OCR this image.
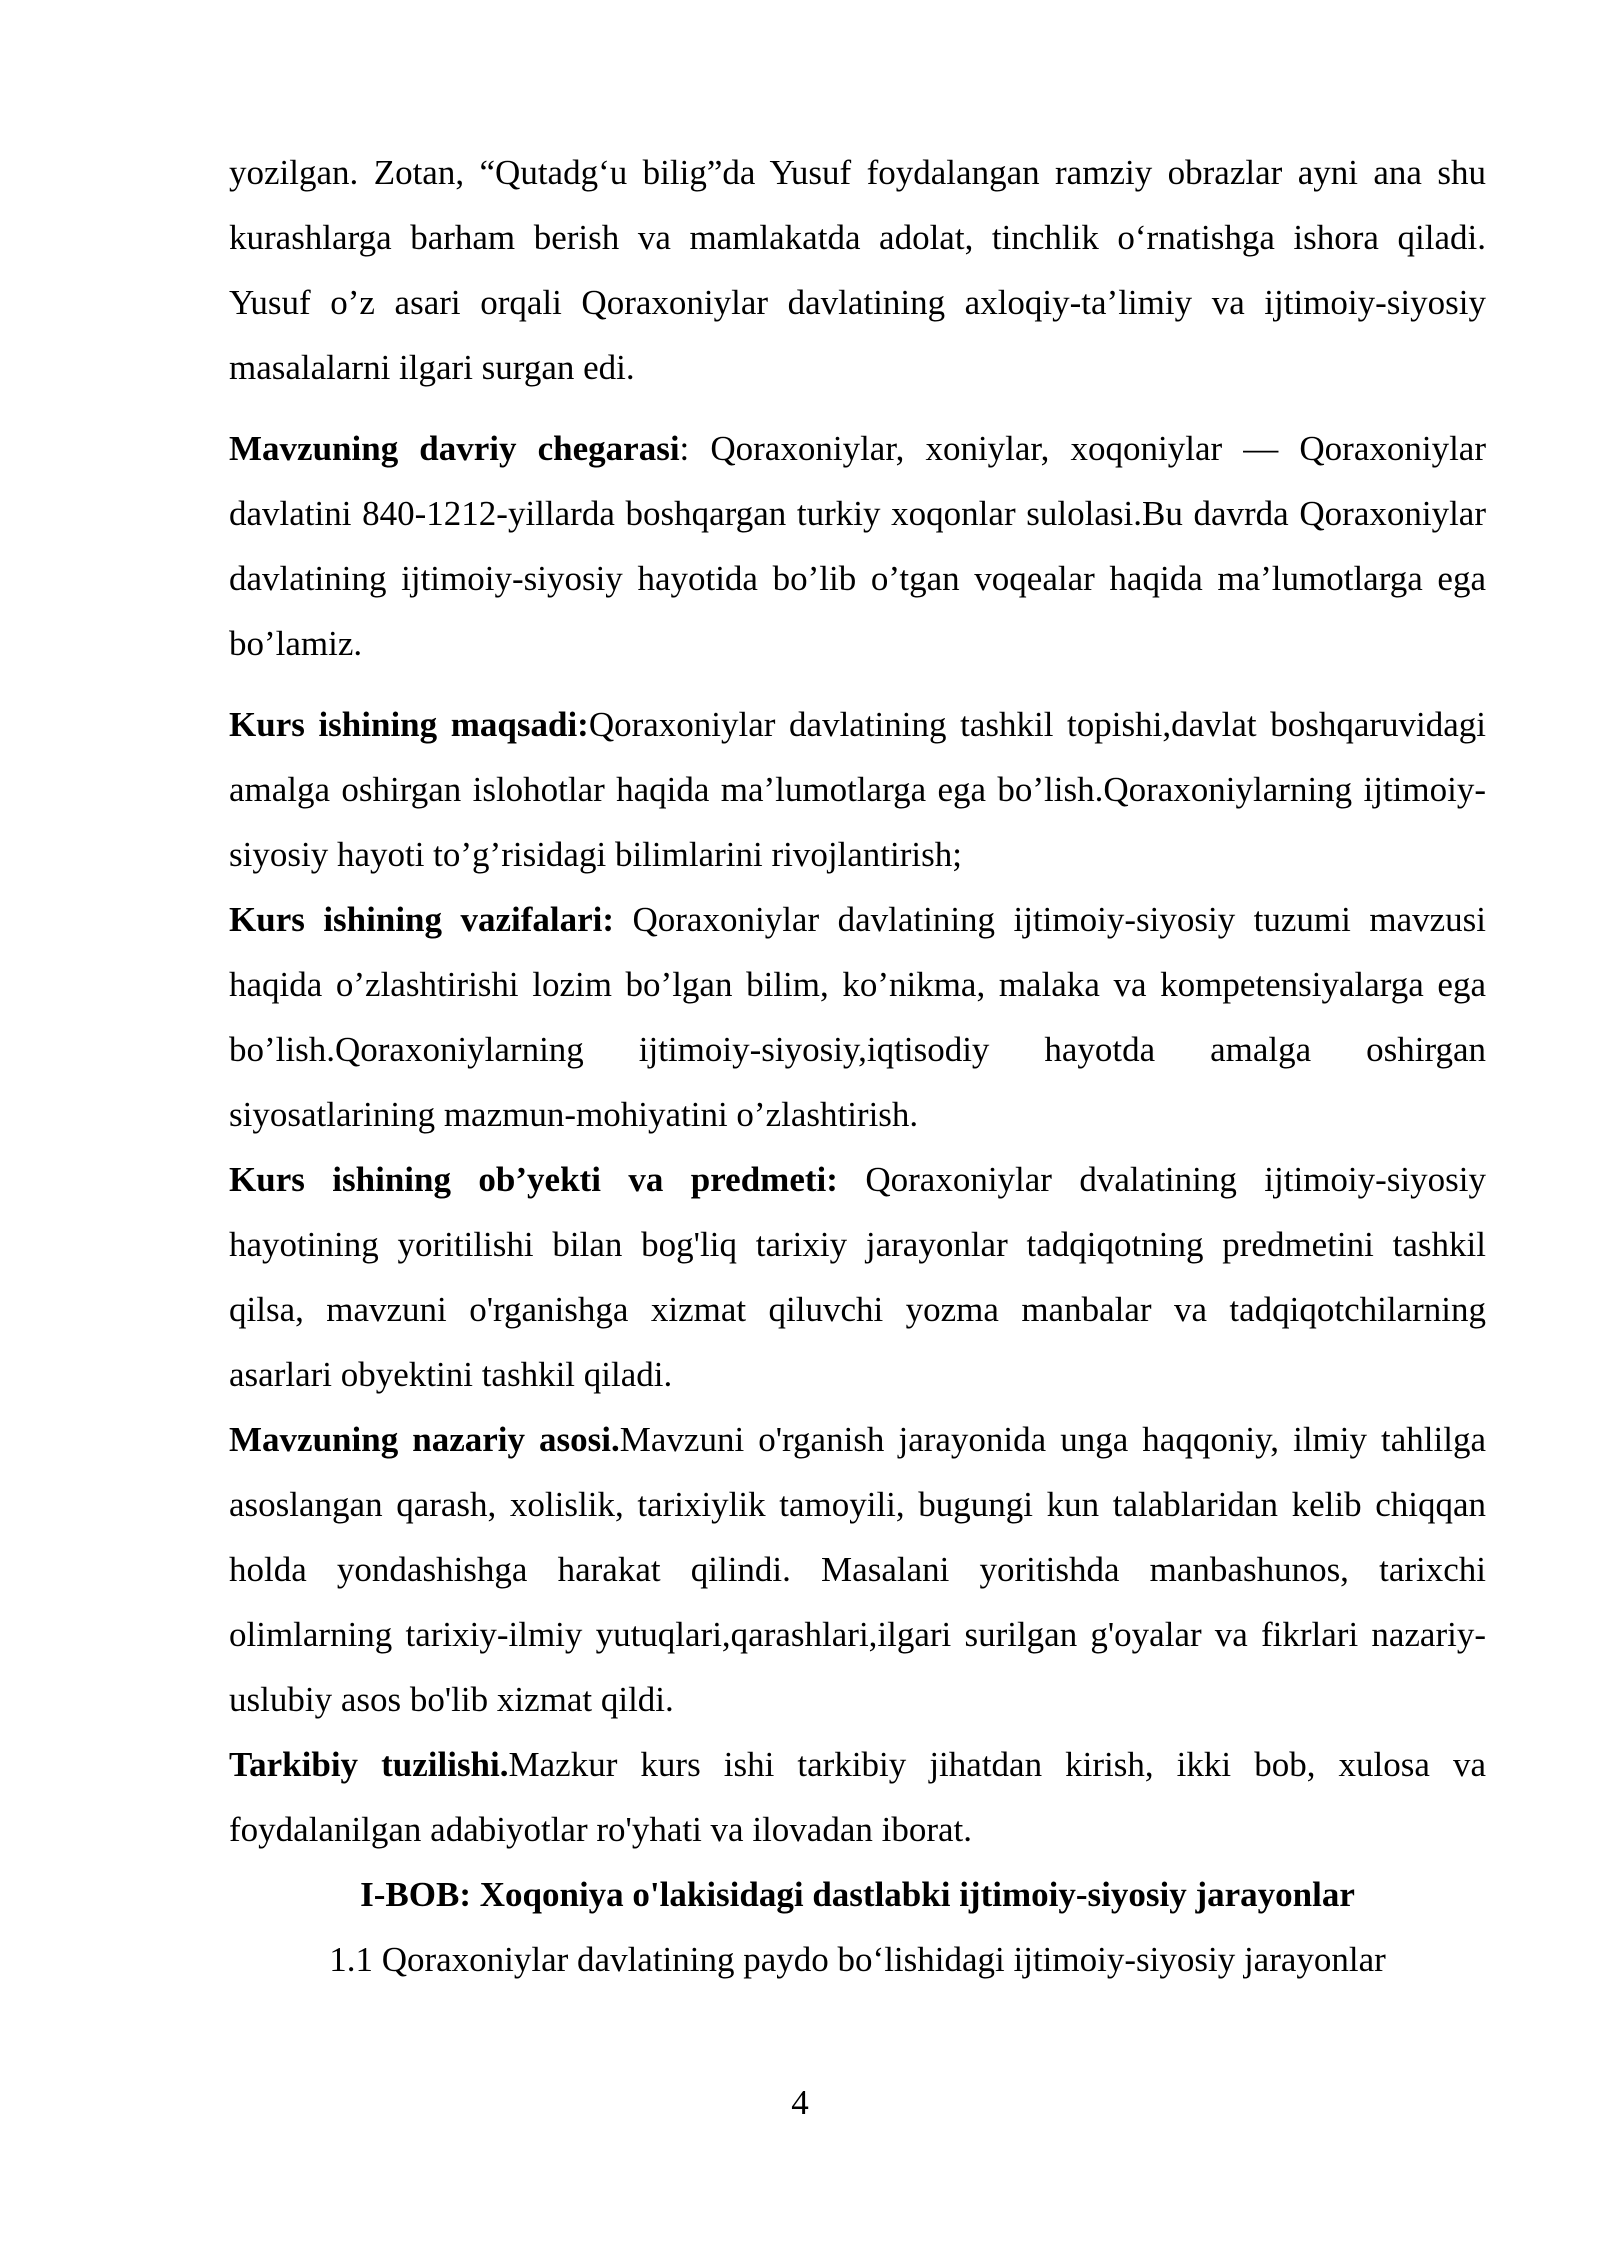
yozilgan. Zotan, “Qutadg‘u bilig”da Yusuf foydalangan ramziy obrazlar ayni ana shu kurashlarga barham berish va mamlakatda adolat, tinchlik o‘rnatishga ishora qiladi. Yusuf o’z asari orqali Qoraxoniylar davlatining axloqiy-ta’limiy va ijtimoiy-siyosiy masalalarni ilgari surgan edi.

Mavzuning davriy chegarasi: Qoraxoniylar, xoniylar, xoqoniylar — Qoraxoniylar davlatini 840-1212-yillarda boshqargan turkiy xoqonlar sulolasi.Bu davrda Qoraxoniylar davlatining ijtimoiy-siyosiy hayotida bo’lib o’tgan voqealar haqida ma’lumotlarga ega bo’lamiz.

Kurs ishining maqsadi:Qoraxoniylar davlatining tashkil topishi,davlat boshqaruvidagi amalga oshirgan islohotlar haqida ma’lumotlarga ega bo’lish.Qoraxoniylarning ijtimoiy-siyosiy hayoti to’g’risidagi bilimlarini rivojlantirish;

Kurs ishining vazifalari: Qoraxoniylar davlatining ijtimoiy-siyosiy tuzumi mavzusi haqida o’zlashtirishi lozim bo’lgan bilim, ko’nikma, malaka va kompetensiyalarga ega bo’lish.Qoraxoniylarning ijtimoiy-siyosiy,iqtisodiy hayotda amalga oshirgan siyosatlarining mazmun-mohiyatini o’zlashtirish.

Kurs ishining ob’yekti va predmeti: Qoraxoniylar dvalatining ijtimoiy-siyosiy hayotining yoritilishi bilan bog'liq tarixiy jarayonlar tadqiqotning predmetini tashkil qilsa, mavzuni o'rganishga xizmat qiluvchi yozma manbalar va tadqiqotchilarning asarlari obyektini tashkil qiladi.

Mavzuning nazariy asosi.Mavzuni o'rganish jarayonida unga haqqoniy, ilmiy tahlilga asoslangan qarash, xolislik, tarixiylik tamoyili, bugungi kun talablaridan kelib chiqqan holda yondashishga harakat qilindi. Masalani yoritishda manbashunos, tarixchi olimlarning tarixiy-ilmiy yutuqlari,qarashlari,ilgari surilgan g'oyalar va fikrlari nazariy- uslubiy asos bo'lib xizmat qildi.

Tarkibiy tuzilishi.Mazkur kurs ishi tarkibiy jihatdan kirish, ikki bob, xulosa va foydalanilgan adabiyotlar ro'yhati va ilovadan iborat.

I-BOB: Xoqoniya o'lakisidagi dastlabki ijtimoiy-siyosiy jarayonlar

1.1 Qoraxoniylar davlatining paydo bo‘lishidagi ijtimoiy-siyosiy jarayonlar

4
